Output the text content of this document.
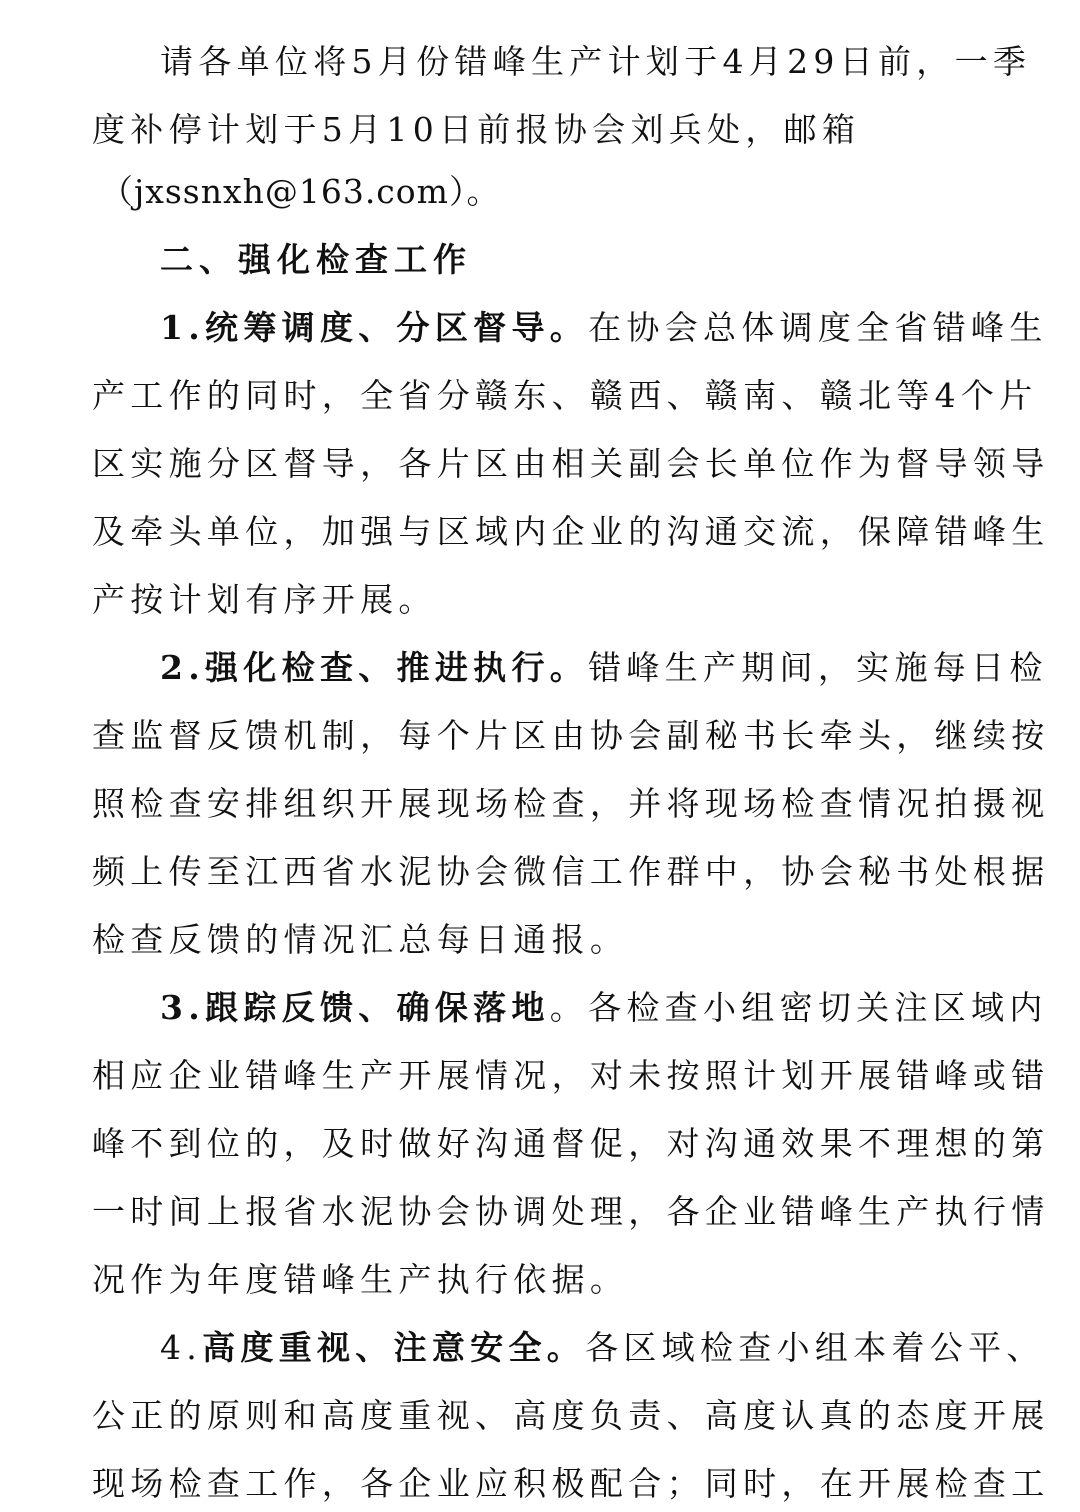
请各单位将5月份错峰生产计划于4月29日前，一季
度补停计划于5月10日前报协会刘兵处，邮箱
（jxssnxh@163.com）。
二、强化检查工作
1.统筹调度、分区督导。在协会总体调度全省错峰生
产工作的同时，全省分赣东、赣西、赣南、赣北等4个片
区实施分区督导，各片区由相关副会长单位作为督导领导
及牵头单位，加强与区域内企业的沟通交流，保障错峰生
产按计划有序开展。
2.强化检查、推进执行。错峰生产期间，实施每日检
查监督反馈机制，每个片区由协会副秘书长牵头，继续按
照检查安排组织开展现场检查，并将现场检查情况拍摄视
频上传至江西省水泥协会微信工作群中，协会秘书处根据
检查反馈的情况汇总每日通报。
3.跟踪反馈、确保落地。各检查小组密切关注区域内
相应企业错峰生产开展情况，对未按照计划开展错峰或错
峰不到位的，及时做好沟通督促，对沟通效果不理想的第
一时间上报省水泥协会协调处理，各企业错峰生产执行情
况作为年度错峰生产执行依据。
4.高度重视、注意安全。各区域检查小组本着公平、
公正的原则和高度重视、高度负责、高度认真的态度开展
现场检查工作，各企业应积极配合；同时，在开展检查工
